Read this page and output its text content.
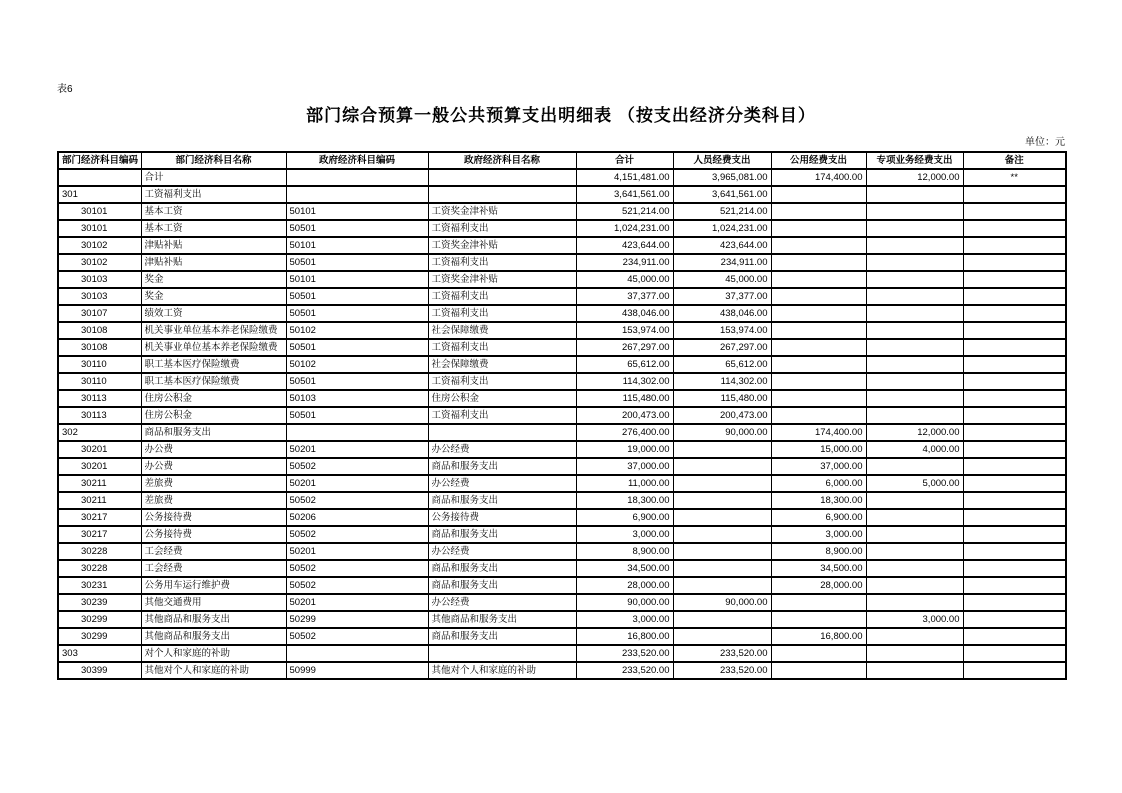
表6
部门综合预算一般公共预算支出明细表 （按支出经济分类科目）
单位：元
部门经济科目编码	部门经济科目名称	政府经济科目编码	政府经济科目名称	合计	人员经费支出	公用经费支出	专项业务经费支出	备注
	合计			4,151,481.00	3,965,081.00	174,400.00	12,000.00	**
301	工资福利支出			3,641,561.00	3,641,561.00			
30101	基本工资	50101	工资奖金津补贴	521,214.00	521,214.00			
30101	基本工资	50501	工资福利支出	1,024,231.00	1,024,231.00			
30102	津贴补贴	50101	工资奖金津补贴	423,644.00	423,644.00			
30102	津贴补贴	50501	工资福利支出	234,911.00	234,911.00			
30103	奖金	50101	工资奖金津补贴	45,000.00	45,000.00			
30103	奖金	50501	工资福利支出	37,377.00	37,377.00			
30107	绩效工资	50501	工资福利支出	438,046.00	438,046.00			
30108	机关事业单位基本养老保险缴费	50102	社会保障缴费	153,974.00	153,974.00			
30108	机关事业单位基本养老保险缴费	50501	工资福利支出	267,297.00	267,297.00			
30110	职工基本医疗保险缴费	50102	社会保障缴费	65,612.00	65,612.00			
30110	职工基本医疗保险缴费	50501	工资福利支出	114,302.00	114,302.00			
30113	住房公积金	50103	住房公积金	115,480.00	115,480.00			
30113	住房公积金	50501	工资福利支出	200,473.00	200,473.00			
302	商品和服务支出			276,400.00	90,000.00	174,400.00	12,000.00	
30201	办公费	50201	办公经费	19,000.00		15,000.00	4,000.00	
30201	办公费	50502	商品和服务支出	37,000.00		37,000.00		
30211	差旅费	50201	办公经费	11,000.00		6,000.00	5,000.00	
30211	差旅费	50502	商品和服务支出	18,300.00		18,300.00		
30217	公务接待费	50206	公务接待费	6,900.00		6,900.00		
30217	公务接待费	50502	商品和服务支出	3,000.00		3,000.00		
30228	工会经费	50201	办公经费	8,900.00		8,900.00		
30228	工会经费	50502	商品和服务支出	34,500.00		34,500.00		
30231	公务用车运行维护费	50502	商品和服务支出	28,000.00		28,000.00		
30239	其他交通费用	50201	办公经费	90,000.00	90,000.00			
30299	其他商品和服务支出	50299	其他商品和服务支出	3,000.00			3,000.00	
30299	其他商品和服务支出	50502	商品和服务支出	16,800.00		16,800.00		
303	对个人和家庭的补助			233,520.00	233,520.00			
30399	其他对个人和家庭的补助	50999	其他对个人和家庭的补助	233,520.00	233,520.00			
